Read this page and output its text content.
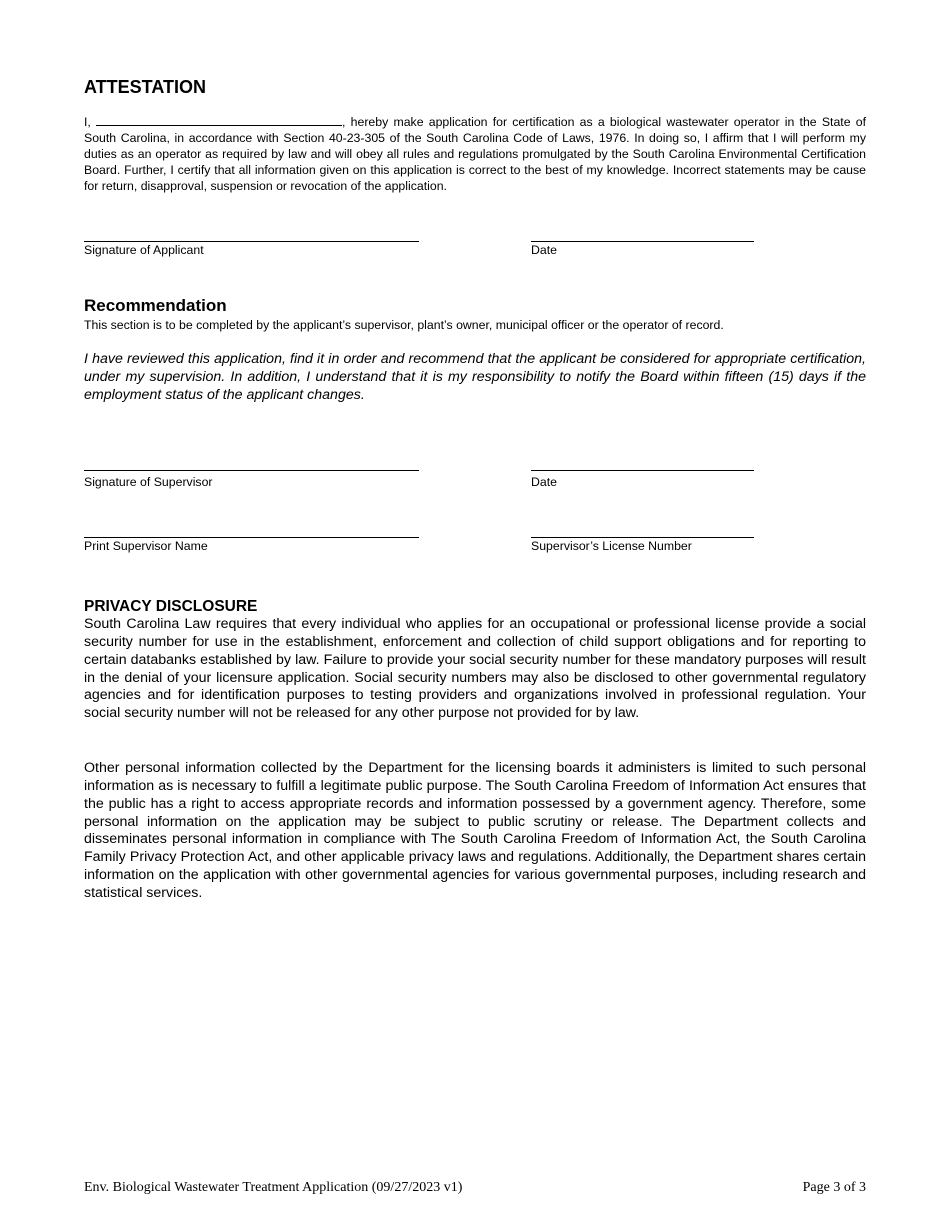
ATTESTATION

I,	, hereby make application for certification as a biological wastewater operator in the State of South Carolina, in accordance with Section 40-23-305 of the South Carolina Code of Laws, 1976. In doing so, I affirm that I will perform my duties as an operator as required by law and will obey all rules and regulations promulgated by the South Carolina Environmental Certification Board. Further, I certify that all information given on this application is correct to the best of my knowledge. Incorrect statements may be cause for return, disapproval, suspension or revocation of the application.

Signature of Applicant	Date

Recommendation

This section is to be completed by the applicant’s supervisor, plant’s owner, municipal officer or the operator of record.

I have reviewed this application, find it in order and recommend that the applicant be considered for appropriate certification, under my supervision. In addition, I understand that it is my responsibility to notify the Board within fifteen (15) days if the employment status of the applicant changes.

Signature of Supervisor	Date

Print Supervisor Name	Supervisor’s License Number

PRIVACY DISCLOSURE

South Carolina Law requires that every individual who applies for an occupational or professional license provide a social security number for use in the establishment, enforcement and collection of child support obligations and for reporting to certain databanks established by law. Failure to provide your social security number for these mandatory purposes will result in the denial of your licensure application. Social security numbers may also be disclosed to other governmental regulatory agencies and for identification purposes to testing providers and organizations involved in professional regulation. Your social security number will not be released for any other purpose not provided for by law.

Other personal information collected by the Department for the licensing boards it administers is limited to such personal information as is necessary to fulfill a legitimate public purpose. The South Carolina Freedom of Information Act ensures that the public has a right to access appropriate records and information possessed by a government agency. Therefore, some personal information on the application may be subject to public scrutiny or release. The Department collects and disseminates personal information in compliance with The South Carolina Freedom of Information Act, the South Carolina Family Privacy Protection Act, and other applicable privacy laws and regulations. Additionally, the Department shares certain information on the application with other governmental agencies for various governmental purposes, including research and statistical services.

Env. Biological Wastewater Treatment Application (09/27/2023 v1)	Page 3 of 3
